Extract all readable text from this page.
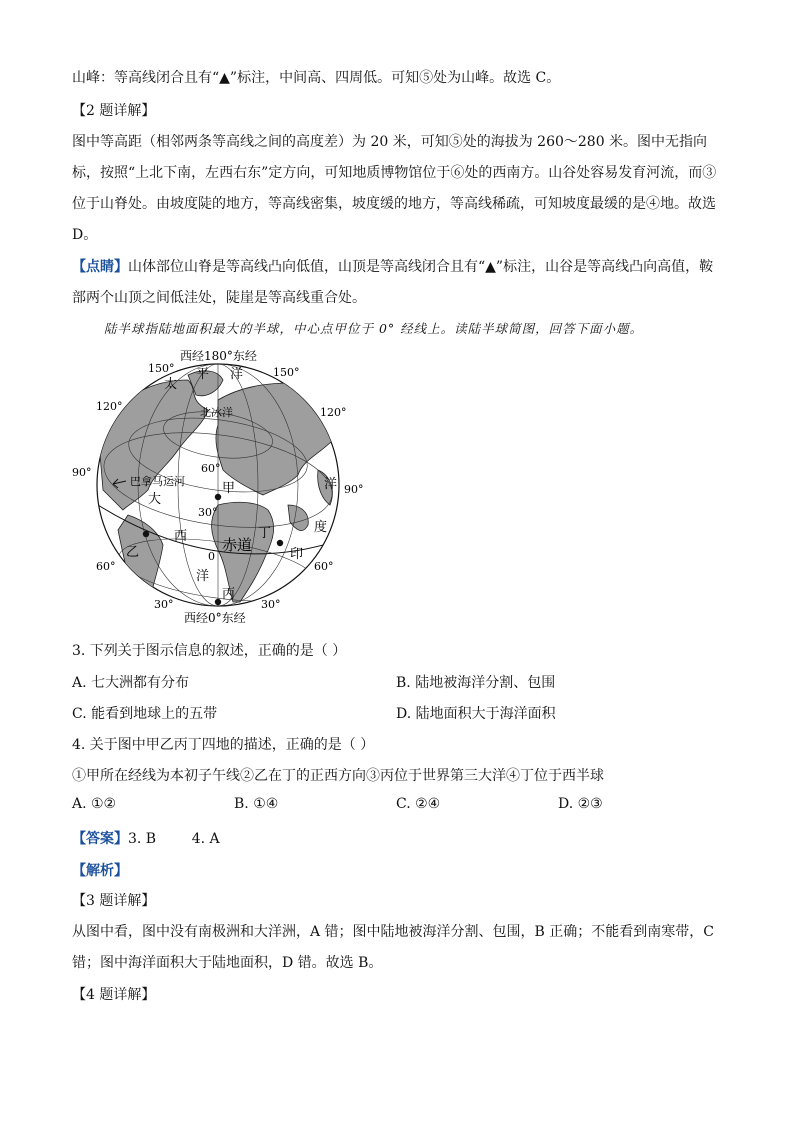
山峰：等高线闭合且有“▲”标注，中间高、四周低。可知⑤处为山峰。故选 C。
【2 题详解】
图中等高距（相邻两条等高线之间的高度差）为 20 米，可知⑤处的海拔为 260～280 米。图中无指向
标，按照“上北下南，左西右东”定方向，可知地质博物馆位于⑥处的西南方。山谷处容易发育河流，而③
位于山脊处。由坡度陡的地方，等高线密集，坡度缓的地方，等高线稀疏，可知坡度最缓的是④地。故选
D。
【点睛】山体部位山脊是等高线凸向低值，山顶是等高线闭合且有“▲”标注，山谷是等高线凸向高值，鞍
部两个山顶之间低洼处，陡崖是等高线重合处。
陆半球指陆地面积最大的半球，中心点甲位于 0° 经线上。读陆半球简图，回答下面小题。
西经180°东经
西经0°东经
150°	150°
120°	120°
90°
90°
60°
60°
30°
30°
60°
30°
0
北冰洋
巴拿马运河
赤道
太
平 洋
大
西
洋
洋
度
印
甲
乙
丙
丁
3. 下列关于图示信息的叙述，正确的是（ ）
A. 七大洲都有分布	B. 陆地被海洋分割、包围
C. 能看到地球上的五带	D. 陆地面积大于海洋面积
4. 关于图中甲乙丙丁四地的描述，正确的是（ ）
①甲所在经线为本初子午线②乙在丁的正西方向③丙位于世界第三大洋④丁位于西半球
A. ①②	B. ①④	C. ②④	D. ②③
【答案】3. B        4. A
【解析】
【3 题详解】
从图中看，图中没有南极洲和大洋洲，A 错；图中陆地被海洋分割、包围，B 正确；不能看到南寒带，C
错；图中海洋面积大于陆地面积，D 错。故选 B。
【4 题详解】
